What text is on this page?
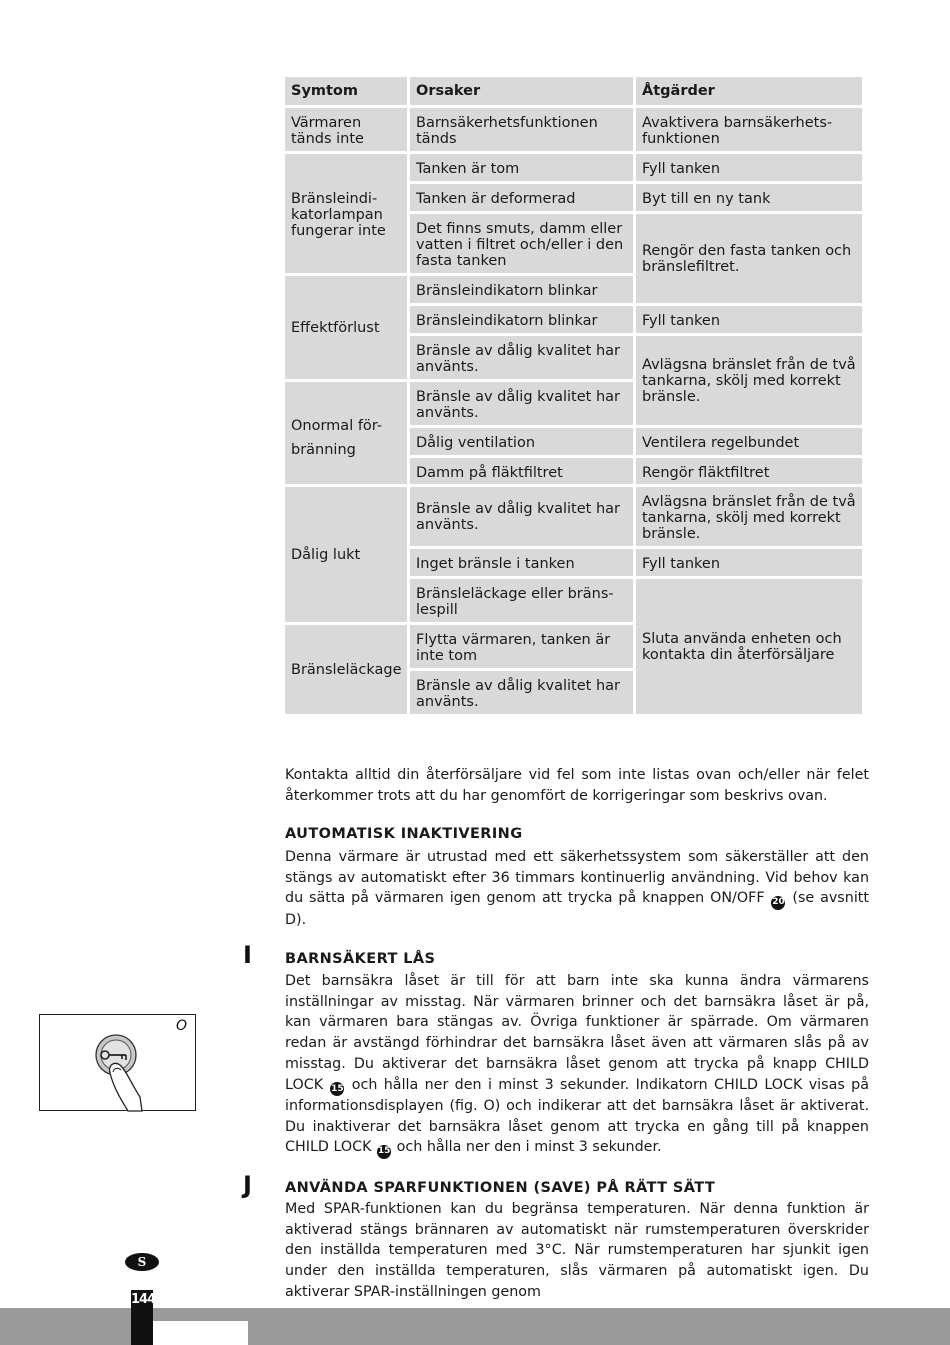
Symtom	Orsaker	Åtgärder
Värmaren
tänds inte
Bränsleindi-
katorlampan
fungerar inte
Effektförlust
Onormal för-
bränning
Dålig lukt
Bränsleläckage
Barnsäkerhetsfunktionen
tänds
Tanken är tom
Tanken är deformerad
Det finns smuts, damm eller
vatten i filtret och/eller i den
fasta tanken
Bränsleindikatorn blinkar
Bränsleindikatorn blinkar
Bränsle av dålig kvalitet har
använts.
Bränsle av dålig kvalitet har
använts.
Dålig ventilation
Damm på fläktfiltret
Bränsle av dålig kvalitet har
använts.
Inget bränsle i tanken
Bränsleläckage eller bräns-
lespill
Flytta värmaren, tanken är
inte tom
Bränsle av dålig kvalitet har
använts.
Avaktivera barnsäkerhets-
funktionen
Fyll tanken
Byt till en ny tank
Rengör den fasta tanken och
bränslefiltret.
Fyll tanken
Avlägsna bränslet från de två
tankarna, skölj med korrekt
bränsle.
Ventilera regelbundet
Rengör fläktfiltret
Avlägsna bränslet från de två
tankarna, skölj med korrekt
bränsle.
Fyll tanken
Sluta använda enheten och
kontakta din återförsäljare

Kontakta alltid din återförsäljare vid fel som inte listas ovan och/eller när felet återkommer trots att du har genomfört de korrigeringar som beskrivs ovan.

AUTOMATISK INAKTIVERING

Denna värmare är utrustad med ett säkerhetssystem som säkerställer att den stängs av automatiskt efter 36 timmars kontinuerlig användning. Vid behov kan du sätta på värmaren igen genom att trycka på knappen ON/OFF 20 (se avsnitt D).

I BARNSÄKERT LÅS

Det barnsäkra låset är till för att barn inte ska kunna ändra värmarens inställningar av misstag. När värmaren brinner och det barnsäkra låset är på, kan värmaren bara stängas av. Övriga funktioner är spärrade. Om värmaren redan är avstängd förhindrar det barnsäkra låset även att värmaren slås på av misstag. Du aktiverar det barnsäkra låset genom att trycka på knapp CHILD LOCK 15 och hålla ner den i minst 3 sekunder. Indikatorn CHILD LOCK visas på informationsdisplayen (fig. O) och indikerar att det barnsäkra låset är aktiverat. Du inaktiverar det barnsäkra låset genom att trycka en gång till på knappen CHILD LOCK 15 och hålla ner den i minst 3 sekunder.

J ANVÄNDA SPARFUNKTIONEN (SAVE) PÅ RÄTT SÄTT

Med SPAR-funktionen kan du begränsa temperaturen. När denna funktion är aktiverad stängs brännaren av automatiskt när rumstemperaturen överskrider den inställda temperaturen med 3°C. När rumstemperaturen har sjunkit igen under den inställda temperaturen, slås värmaren på automatiskt igen. Du aktiverar SPAR-inställningen genom

O
S
144
